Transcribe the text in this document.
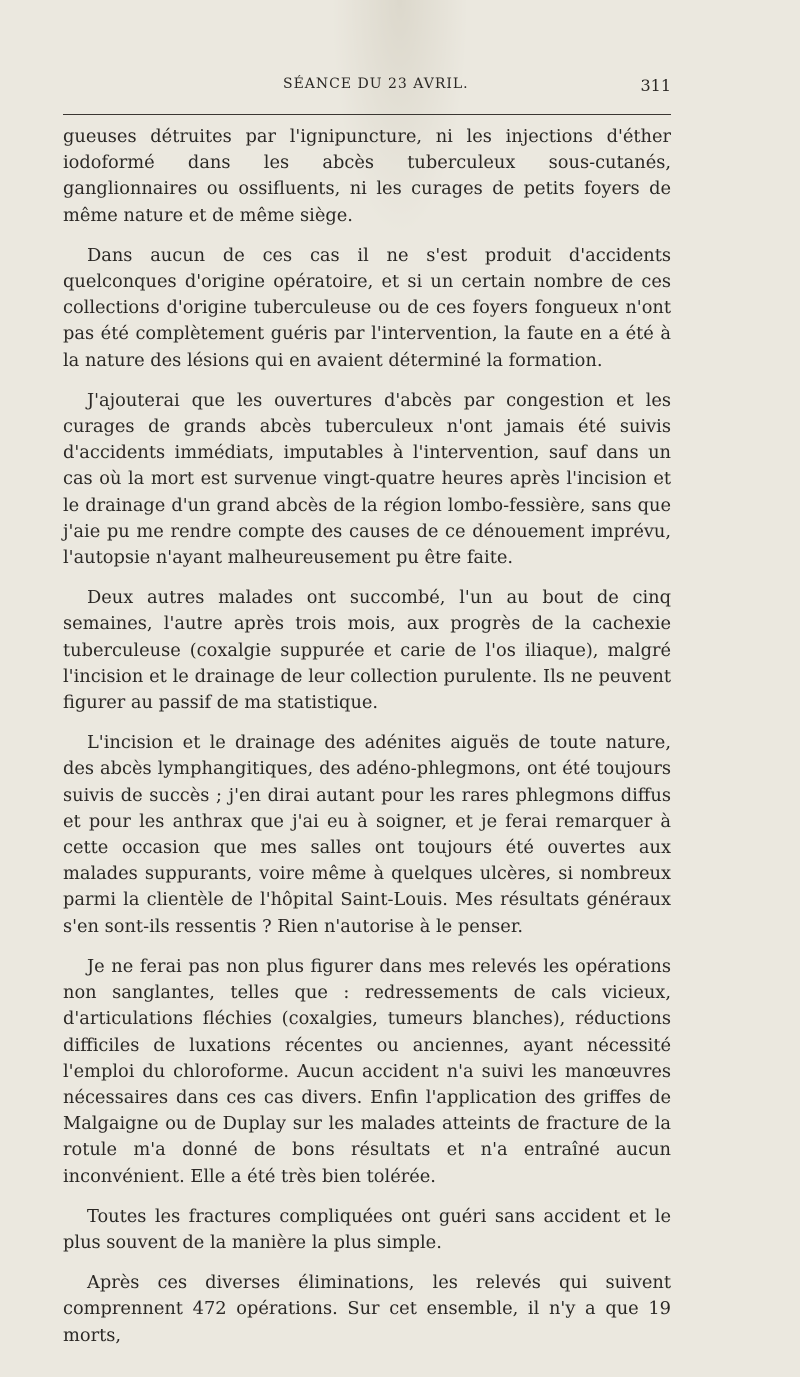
SÉANCE DU 23 AVRIL.	311

gueuses détruites par l'ignipuncture, ni les injections d'éther iodoformé dans les abcès tuberculeux sous-cutanés, ganglionnaires ou ossifluents, ni les curages de petits foyers de même nature et de même siège.

Dans aucun de ces cas il ne s'est produit d'accidents quelconques d'origine opératoire, et si un certain nombre de ces collections d'origine tuberculeuse ou de ces foyers fongueux n'ont pas été complètement guéris par l'intervention, la faute en a été à la nature des lésions qui en avaient déterminé la formation.

J'ajouterai que les ouvertures d'abcès par congestion et les curages de grands abcès tuberculeux n'ont jamais été suivis d'accidents immédiats, imputables à l'intervention, sauf dans un cas où la mort est survenue vingt-quatre heures après l'incision et le drainage d'un grand abcès de la région lombo-fessière, sans que j'aie pu me rendre compte des causes de ce dénouement imprévu, l'autopsie n'ayant malheureusement pu être faite.

Deux autres malades ont succombé, l'un au bout de cinq semaines, l'autre après trois mois, aux progrès de la cachexie tuberculeuse (coxalgie suppurée et carie de l'os iliaque), malgré l'incision et le drainage de leur collection purulente. Ils ne peuvent figurer au passif de ma statistique.

L'incision et le drainage des adénites aiguës de toute nature, des abcès lymphangitiques, des adéno-phlegmons, ont été toujours suivis de succès ; j'en dirai autant pour les rares phlegmons diffus et pour les anthrax que j'ai eu à soigner, et je ferai remarquer à cette occasion que mes salles ont toujours été ouvertes aux malades suppurants, voire même à quelques ulcères, si nombreux parmi la clientèle de l'hôpital Saint-Louis. Mes résultats généraux s'en sont-ils ressentis ? Rien n'autorise à le penser.

Je ne ferai pas non plus figurer dans mes relevés les opérations non sanglantes, telles que : redressements de cals vicieux, d'articulations fléchies (coxalgies, tumeurs blanches), réductions difficiles de luxations récentes ou anciennes, ayant nécessité l'emploi du chloroforme. Aucun accident n'a suivi les manœuvres nécessaires dans ces cas divers. Enfin l'application des griffes de Malgaigne ou de Duplay sur les malades atteints de fracture de la rotule m'a donné de bons résultats et n'a entraîné aucun inconvénient. Elle a été très bien tolérée.

Toutes les fractures compliquées ont guéri sans accident et le plus souvent de la manière la plus simple.

Après ces diverses éliminations, les relevés qui suivent comprennent 472 opérations. Sur cet ensemble, il n'y a que 19 morts,
